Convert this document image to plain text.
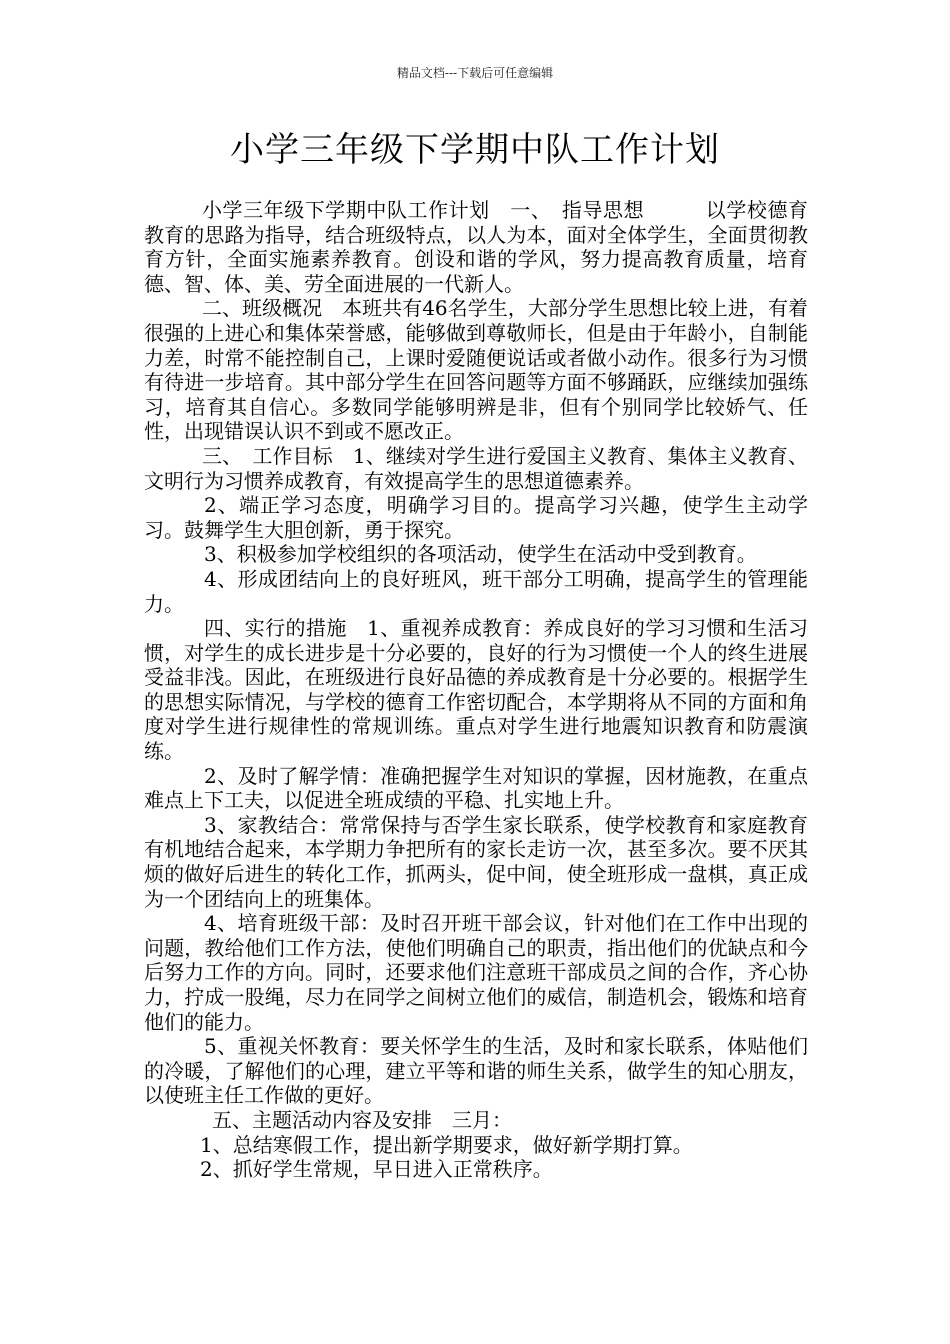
精品文档---下载后可任意编辑
小学三年级下学期中队工作计划

小学三年级下学期中队工作计划　一、　指导思想　　　以学校德育教育的思路为指导，结合班级特点，以人为本，面对全体学生，全面贯彻教育方针，全面实施素养教育。创设和谐的学风，努力提高教育质量，培育德、智、体、美、劳全面进展的一代新人。

二、班级概况　本班共有46名学生，大部分学生思想比较上进，有着很强的上进心和集体荣誉感，能够做到尊敬师长，但是由于年龄小，自制能力差，时常不能控制自己，上课时爱随便说话或者做小动作。很多行为习惯有待进一步培育。其中部分学生在回答问题等方面不够踊跃，应继续加强练习，培育其自信心。多数同学能够明辨是非，但有个别同学比较娇气、任性，出现错误认识不到或不愿改正。

三、　工作目标　1、继续对学生进行爱国主义教育、集体主义教育、文明行为习惯养成教育，有效提高学生的思想道德素养。

2、端正学习态度，明确学习目的。提高学习兴趣，使学生主动学习。鼓舞学生大胆创新，勇于探究。

3、积极参加学校组织的各项活动，使学生在活动中受到教育。

4、形成团结向上的良好班风，班干部分工明确，提高学生的管理能力。

四、实行的措施　1、重视养成教育：养成良好的学习习惯和生活习惯，对学生的成长进步是十分必要的，良好的行为习惯使一个人的终生进展受益非浅。因此，在班级进行良好品德的养成教育是十分必要的。根据学生的思想实际情况，与学校的德育工作密切配合，本学期将从不同的方面和角度对学生进行规律性的常规训练。重点对学生进行地震知识教育和防震演练。

2、及时了解学情：准确把握学生对知识的掌握，因材施教，在重点难点上下工夫，以促进全班成绩的平稳、扎实地上升。

3、家教结合：常常保持与否学生家长联系，使学校教育和家庭教育有机地结合起来，本学期力争把所有的家长走访一次，甚至多次。要不厌其烦的做好后进生的转化工作，抓两头，促中间，使全班形成一盘棋，真正成为一个团结向上的班集体。

4、培育班级干部：及时召开班干部会议，针对他们在工作中出现的问题，教给他们工作方法，使他们明确自己的职责，指出他们的优缺点和今后努力工作的方向。同时，还要求他们注意班干部成员之间的合作，齐心协力，拧成一股绳，尽力在同学之间树立他们的威信，制造机会，锻炼和培育他们的能力。

5、重视关怀教育：要关怀学生的生活，及时和家长联系，体贴他们的冷暖，了解他们的心理，建立平等和谐的师生关系，做学生的知心朋友，以使班主任工作做的更好。

五、主题活动内容及安排　三月：

1、总结寒假工作，提出新学期要求，做好新学期打算。

2、抓好学生常规，早日进入正常秩序。
